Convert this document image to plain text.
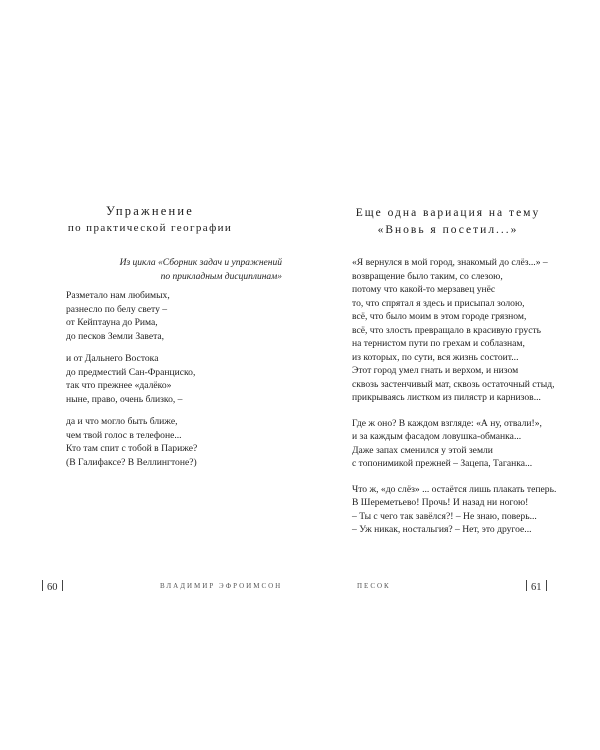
Упражнение
по практической географии
Из цикла «Сборник задач и упражнений
по прикладным дисциплинам»
Разметало нам любимых,
разнесло по белу свету –
от Кейптауна до Рима,
до песков Земли Завета,
и от Дальнего Востока
до предместий Сан-Франциско,
так что прежнее «далёко»
ныне, право, очень близко, –
да и что могло быть ближе,
чем твой голос в телефоне...
Кто там спит с тобой в Париже?
(В Галифаксе? В Веллингтоне?)
60	ВЛАДИМИР ЭФРОИМСОН
Еще одна вариация на тему
«Вновь я посетил...»
«Я вернулся в мой город, знакомый до слёз...» –
возвращение было таким, со слезою,
потому что какой-то мерзавец унёс
то, что спрятал я здесь и присыпал золою,
всё, что было моим в этом городе грязном,
всё, что злость превращало в красивую грусть
на тернистом пути по грехам и соблазнам,
из которых, по сути, вся жизнь состоит...
Этот город умел гнать и верхом, и низом
сквозь застенчивый мат, сквозь остаточный стыд,
прикрываясь листком из пилястр и карнизов...
Где ж оно? В каждом взгляде: «А ну, отвали!»,
и за каждым фасадом ловушка-обманка...
Даже запах сменился у этой земли
с топонимикой прежней – Зацепа, Таганка...
Что ж, «до слёз» ... остаётся лишь плакать теперь.
В Шереметьево! Прочь! И назад ни ногою!
– Ты с чего так завёлся?! – Не знаю, поверь...
– Уж никак, ностальгия? – Нет, это другое...
ПЕСОК	61
